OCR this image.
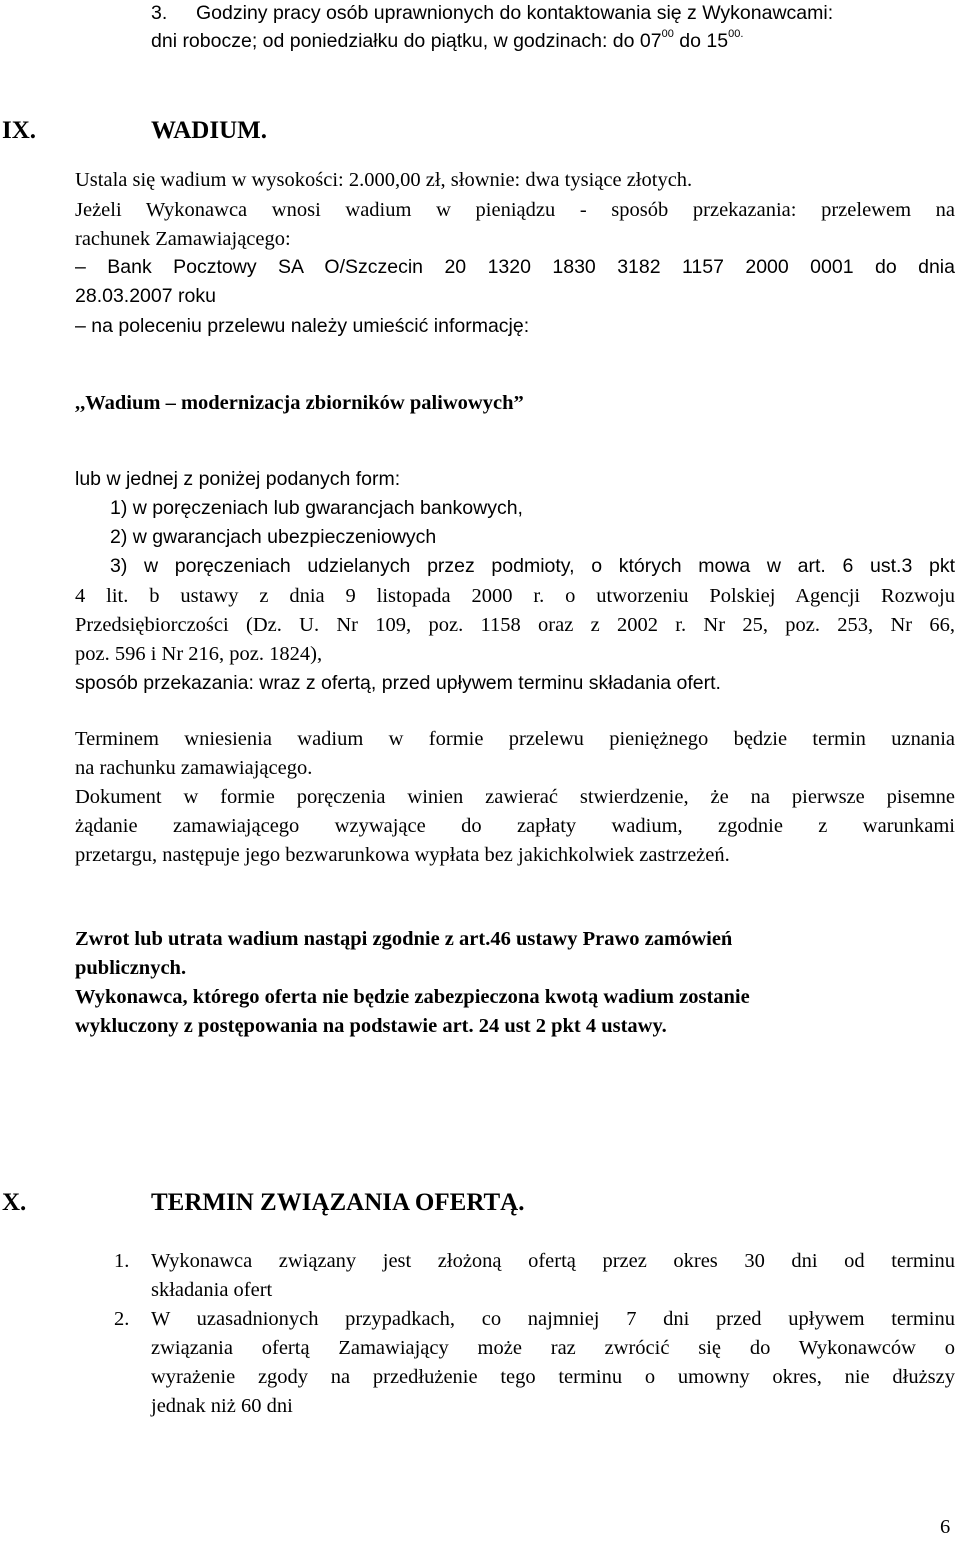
3. Godziny pracy osób uprawnionych do kontaktowania się z Wykonawcami:
dni robocze; od poniedziałku do piątku, w godzinach: do $07^{00}$ do $15^{00.}$
IX.	WADIUM.
Ustala się wadium w wysokości: 2.000,00 zł, słownie: dwa tysiące złotych.
Jeżeli Wykonawca wnosi wadium w pieniądzu - sposób przekazania: przelewem na
rachunek Zamawiającego:
– Bank Pocztowy SA O/Szczecin 20 1320 1830 3182 1157 2000 0001 do dnia
28.03.2007 roku
– na poleceniu przelewu należy umieścić informację:
,,Wadium – modernizacja zbiorników paliwowych”
lub w jednej z poniżej podanych form:
1) w poręczeniach lub gwarancjach bankowych,
2) w gwarancjach ubezpieczeniowych
3) w poręczeniach udzielanych przez podmioty, o których mowa w art. 6 ust.3 pkt
4 lit. b ustawy z dnia 9 listopada 2000 r. o utworzeniu Polskiej Agencji Rozwoju
Przedsiębiorczości (Dz. U. Nr 109, poz. 1158 oraz z 2002 r. Nr 25, poz. 253, Nr 66,
poz. 596 i Nr 216, poz. 1824),
sposób przekazania: wraz z ofertą, przed upływem terminu składania ofert.
Terminem wniesienia wadium w formie przelewu pieniężnego będzie termin uznania
na rachunku zamawiającego.
Dokument w formie poręczenia winien zawierać stwierdzenie, że na pierwsze pisemne
żądanie zamawiającego wzywające do zapłaty wadium, zgodnie z warunkami
przetargu, następuje jego bezwarunkowa wypłata bez jakichkolwiek zastrzeżeń.
Zwrot lub utrata wadium nastąpi zgodnie z art.46 ustawy Prawo zamówień
publicznych.
Wykonawca, którego oferta nie będzie zabezpieczona kwotą wadium zostanie
wykluczony z postępowania na podstawie art. 24 ust 2 pkt 4 ustawy.
X.	TERMIN ZWIĄZANIA OFERTĄ.
1. Wykonawca związany jest złożoną ofertą przez okres 30 dni od terminu
składania ofert
2. W uzasadnionych przypadkach, co najmniej 7 dni przed upływem terminu
związania ofertą Zamawiający może raz zwrócić się do Wykonawców o
wyrażenie zgody na przedłużenie tego terminu o umowny okres, nie dłuższy
jednak niż 60 dni
6
